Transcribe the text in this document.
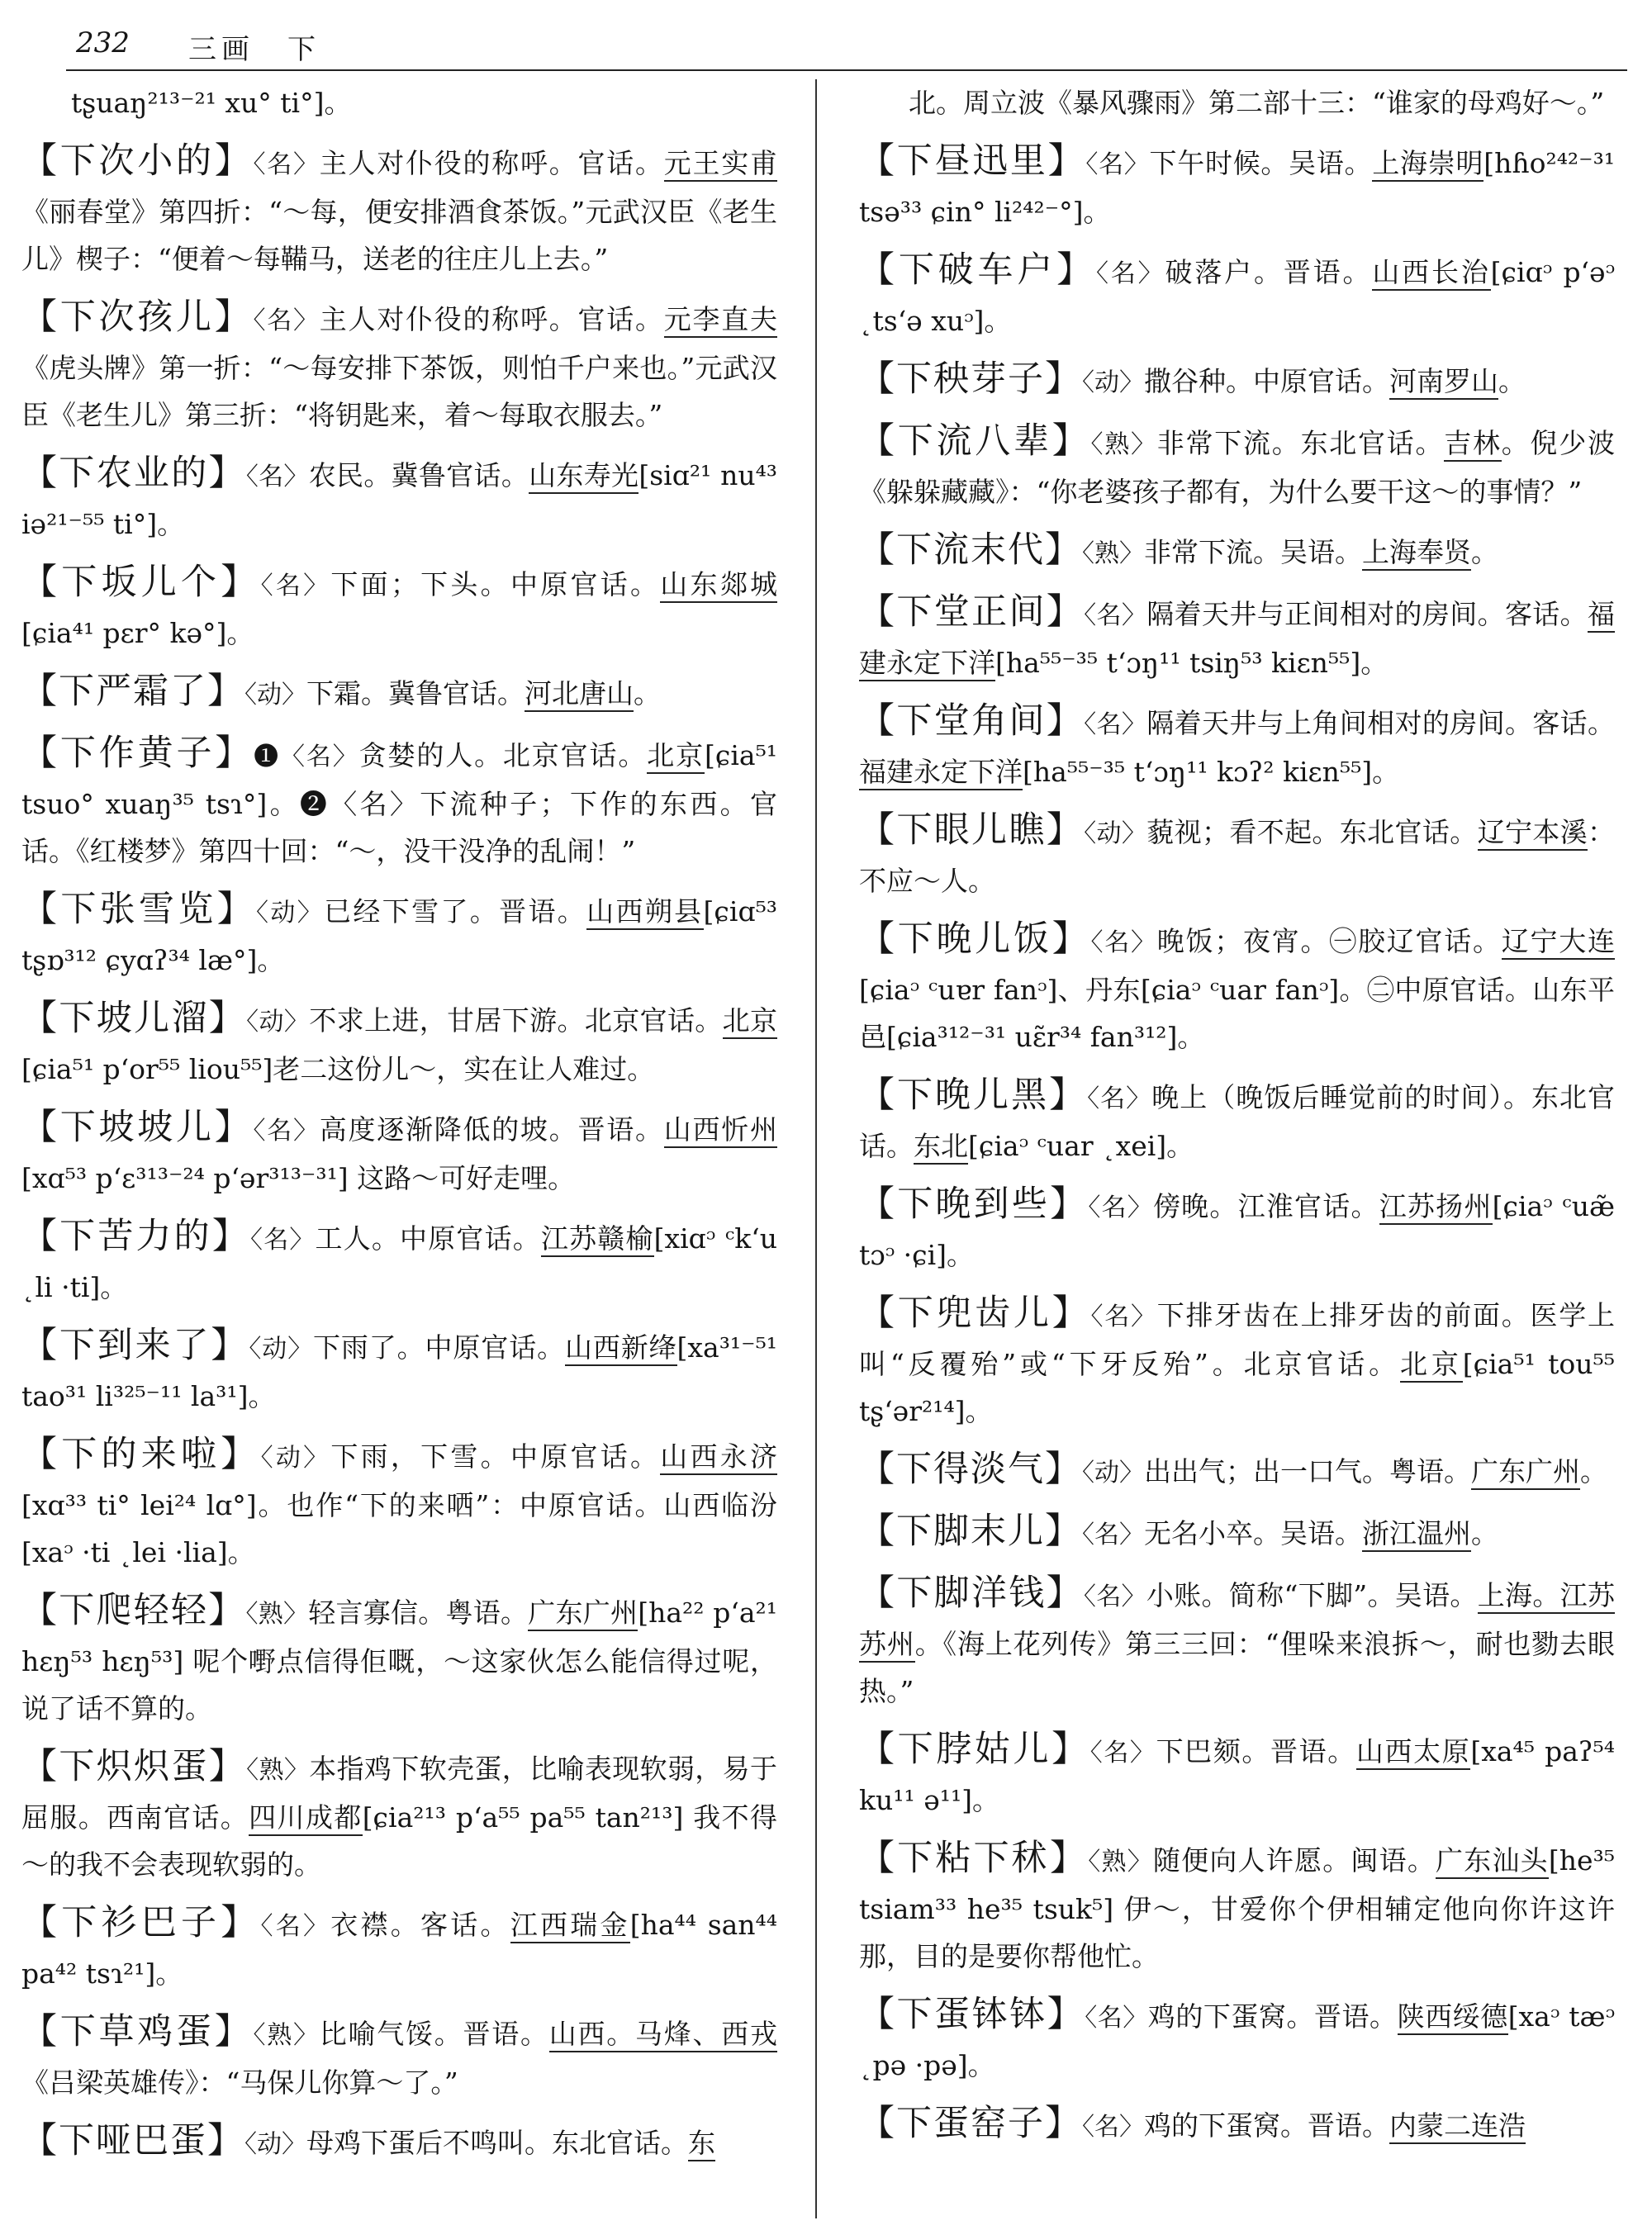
232 三画　下
tʂuaŋ²¹³⁻²¹ xu° ti°]。
【下次小的】〈名〉主人对仆役的称呼。官话。元王实甫《丽春堂》第四折：“～每，便安排酒食茶饭。”元武汉臣《老生儿》楔子：“便着～每鞴马，送老的往庄儿上去。”
【下次孩儿】〈名〉主人对仆役的称呼。官话。元李直夫《虎头牌》第一折：“～每安排下茶饭，则怕千户来也。”元武汉臣《老生儿》第三折：“将钥匙来，着～每取衣服去。”
【下农业的】〈名〉农民。冀鲁官话。山东寿光[siɑ²¹ nu⁴³ iə²¹⁻⁵⁵ ti°]。
【下坂儿个】〈名〉下面；下头。中原官话。山东郯城[ɕia⁴¹ pɛr° kə°]。
【下严霜了】〈动〉下霜。冀鲁官话。河北唐山。
【下作黄子】❶〈名〉贪婪的人。北京官话。北京[ɕia⁵¹ tsuo° xuaŋ³⁵ tsɿ°]。❷〈名〉下流种子；下作的东西。官话。《红楼梦》第四十回：“～，没干没净的乱闹！”
【下张雪览】〈动〉已经下雪了。晋语。山西朔县[ɕiɑ⁵³ tʂɒ³¹² ɕyɑʔ³⁴ læ°]。
【下坡儿溜】〈动〉不求上进，甘居下游。北京官话。北京[ɕia⁵¹ pʻor⁵⁵ liou⁵⁵]老二这份儿～，实在让人难过。
【下坡坡儿】〈名〉高度逐渐降低的坡。晋语。山西忻州[xɑ⁵³ pʻɛ³¹³⁻²⁴ pʻər³¹³⁻³¹] 这路～可好走哩。
【下苦力的】〈名〉工人。中原官话。江苏赣榆[xiɑᵓ ᶜkʻu ˛li ·ti]。
【下到来了】〈动〉下雨了。中原官话。山西新绛[xa³¹⁻⁵¹ tao³¹ li³²⁵⁻¹¹ la³¹]。
【下的来啦】〈动〉下雨，下雪。中原官话。山西永济[xɑ³³ ti° lei²⁴ lɑ°]。也作“下的来哂”：中原官话。山西临汾[xaᵓ ·ti ˛lei ·lia]。
【下爬轻轻】〈熟〉轻言寡信。粤语。广东广州[ha²² pʻa²¹ hɛŋ⁵³ hɛŋ⁵³] 呢个嘢点信得佢嘅，～这家伙怎么能信得过呢，说了话不算的。
【下炽炽蛋】〈熟〉本指鸡下软壳蛋，比喻表现软弱，易于屈服。西南官话。四川成都[ɕia²¹³ pʻa⁵⁵ pa⁵⁵ tan²¹³] 我不得～的我不会表现软弱的。
【下衫巴子】〈名〉衣襟。客话。江西瑞金[ha⁴⁴ san⁴⁴ pa⁴² tsɿ²¹]。
【下草鸡蛋】〈熟〉比喻气馁。晋语。山西。马烽、西戎《吕梁英雄传》：“马保儿你算～了。”
【下哑巴蛋】〈动〉母鸡下蛋后不鸣叫。东北官话。东
北。周立波《暴风骤雨》第二部十三：“谁家的母鸡好～。”
【下昼迅里】〈名〉下午时候。吴语。上海崇明[hɦo²⁴²⁻³¹ tsə³³ ɕin° li²⁴²⁻°]。
【下破车户】〈名〉破落户。晋语。山西长治[ɕiɑᵓ pʻəᵓ ˛tsʻə xuᵓ]。
【下秧芽子】〈动〉撒谷种。中原官话。河南罗山。
【下流八辈】〈熟〉非常下流。东北官话。吉林。倪少波《躲躲藏藏》：“你老婆孩子都有，为什么要干这～的事情？”
【下流末代】〈熟〉非常下流。吴语。上海奉贤。
【下堂正间】〈名〉隔着天井与正间相对的房间。客话。福建永定下洋[ha⁵⁵⁻³⁵ tʻɔŋ¹¹ tsiŋ⁵³ kiɛn⁵⁵]。
【下堂角间】〈名〉隔着天井与上角间相对的房间。客话。福建永定下洋[ha⁵⁵⁻³⁵ tʻɔŋ¹¹ kɔʔ² kiɛn⁵⁵]。
【下眼儿瞧】〈动〉藐视；看不起。东北官话。辽宁本溪：不应～人。
【下晚儿饭】〈名〉晚饭；夜宵。㊀胶辽官话。辽宁大连[ɕiaᵓ ᶜuɐr fanᵓ]、丹东[ɕiaᵓ ᶜuar fanᵓ]。㊁中原官话。山东平邑[ɕia³¹²⁻³¹ uɛ̃r³⁴ fan³¹²]。
【下晚儿黑】〈名〉晚上（晚饭后睡觉前的时间）。东北官话。东北[ɕiaᵓ ᶜuar ˛xei]。
【下晚到些】〈名〉傍晚。江淮官话。江苏扬州[ɕiaᵓ ᶜuæ̃ tɔᵓ ·ɕi]。
【下兜齿儿】〈名〉下排牙齿在上排牙齿的前面。医学上叫“反覆殆”或“下牙反殆”。北京官话。北京[ɕia⁵¹ tou⁵⁵ tʂʻər²¹⁴]。
【下得淡气】〈动〉出出气；出一口气。粤语。广东广州。
【下脚末儿】〈名〉无名小卒。吴语。浙江温州。
【下脚洋钱】〈名〉小账。简称“下脚”。吴语。上海。江苏苏州。《海上花列传》第三三回：“俚哚来浪拆～，耐也勠去眼热。”
【下脖姑儿】〈名〉下巴颏。晋语。山西太原[xa⁴⁵ paʔ⁵⁴ ku¹¹ ə¹¹]。
【下粘下秫】〈熟〉随便向人许愿。闽语。广东汕头[he³⁵ tsiam³³ he³⁵ tsuk⁵] 伊～，甘爱你个伊相辅定他向你许这许那，目的是要你帮他忙。
【下蛋钵钵】〈名〉鸡的下蛋窝。晋语。陕西绥德[xaᵓ tæᵓ ˛pə ·pə]。
【下蛋窑子】〈名〉鸡的下蛋窝。晋语。内蒙二连浩
